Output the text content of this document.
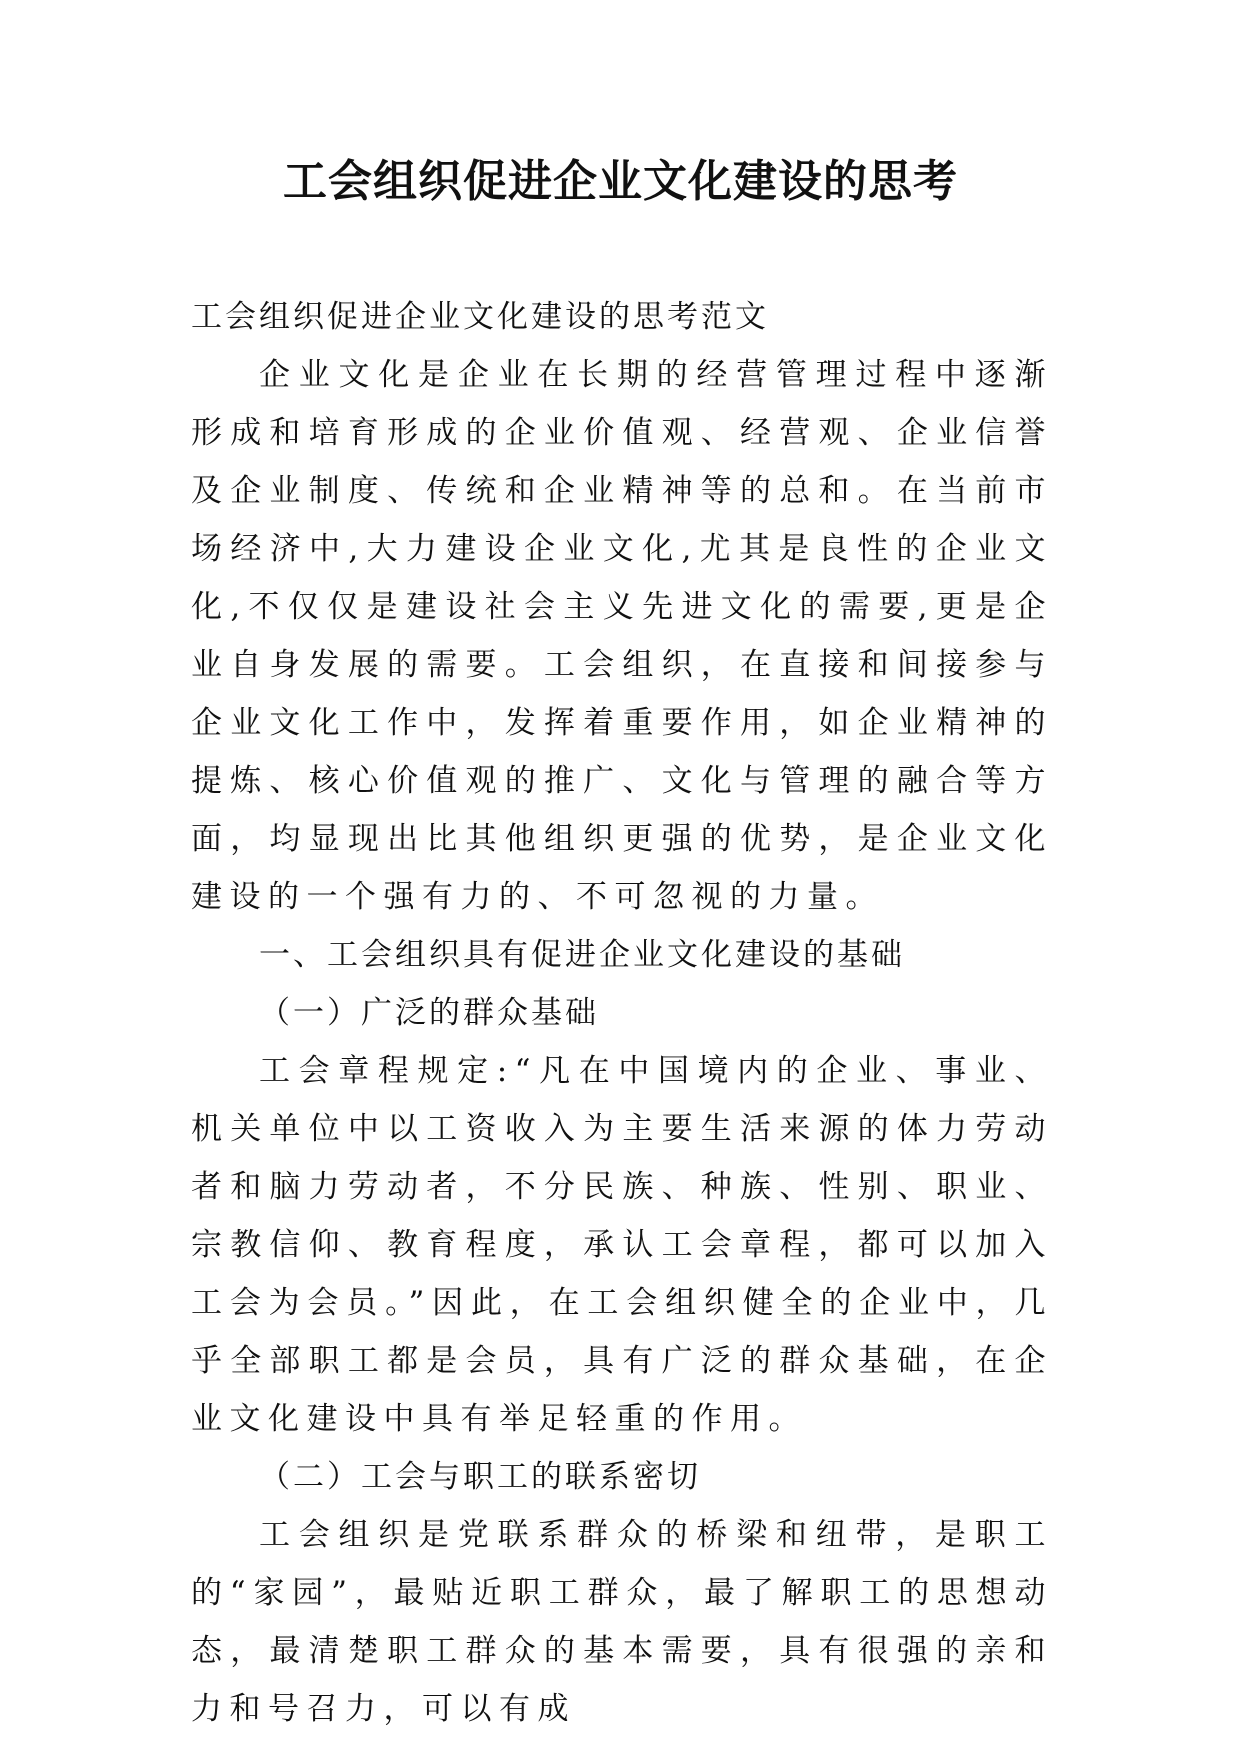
工会组织促进企业文化建设的思考

工会组织促进企业文化建设的思考范文

企业文化是企业在长期的经营管理过程中逐渐形成和培育形成的企业价值观、经营观、企业信誉及企业制度、传统和企业精神等的总和。在当前市场经济中,大力建设企业文化,尤其是良性的企业文化,不仅仅是建设社会主义先进文化的需要,更是企业自身发展的需要。工会组织，在直接和间接参与企业文化工作中，发挥着重要作用，如企业精神的提炼、核心价值观的推广、文化与管理的融合等方面，均显现出比其他组织更强的优势，是企业文化建设的一个强有力的、不可忽视的力量。

一、工会组织具有促进企业文化建设的基础

（一）广泛的群众基础

工会章程规定:“凡在中国境内的企业、事业、机关单位中以工资收入为主要生活来源的体力劳动者和脑力劳动者，不分民族、种族、性别、职业、宗教信仰、教育程度，承认工会章程，都可以加入工会为会员。”因此，在工会组织健全的企业中，几乎全部职工都是会员，具有广泛的群众基础，在企业文化建设中具有举足轻重的作用。

（二）工会与职工的联系密切

工会组织是党联系群众的桥梁和纽带，是职工的“家园”，最贴近职工群众，最了解职工的思想动态，最清楚职工群众的基本需要，具有很强的亲和力和号召力，可以有成
